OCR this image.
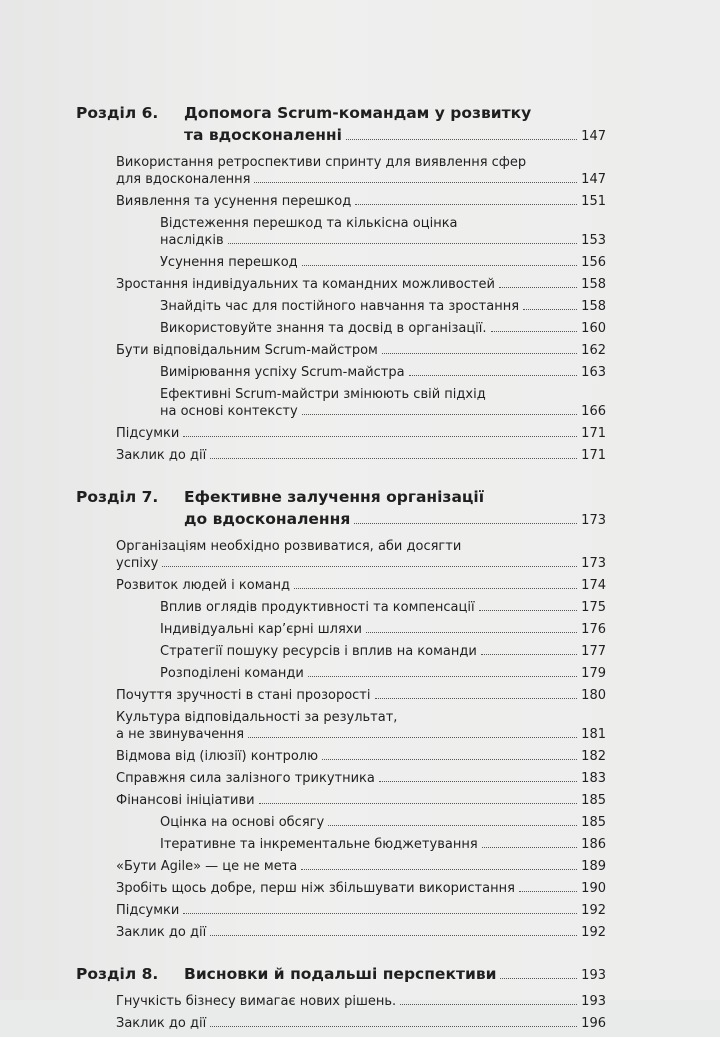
Розділ 6.	Допомога Scrum-командам у розвитку
та вдосконаленні	147
Використання ретроспективи спринту для виявлення сфер
для вдосконалення	147
Виявлення та усунення перешкод	151
Відстеження перешкод та кількісна оцінка
наслідків	153
Усунення перешкод	156
Зростання індивідуальних та командних можливостей	158
Знайдіть час для постійного навчання та зростання	158
Використовуйте знання та досвід в організації.	160
Бути відповідальним Scrum-майстром	162
Вимірювання успіху Scrum-майстра	163
Ефективні Scrum-майстри змінюють свій підхід
на основі контексту	166
Підсумки	171
Заклик до дії	171
Розділ 7.	Ефективне залучення організації
до вдосконалення	173
Організаціям необхідно розвиватися, аби досягти
успіху	173
Розвиток людей і команд	174
Вплив оглядів продуктивності та компенсації	175
Індивідуальні кар’єрні шляхи	176
Стратегії пошуку ресурсів і вплив на команди	177
Розподілені команди	179
Почуття зручності в стані прозорості	180
Культура відповідальності за результат,
а не звинувачення	181
Відмова від (ілюзії) контролю	182
Справжня сила залізного трикутника	183
Фінансові ініціативи	185
Оцінка на основі обсягу	185
Ітеративне та інкрементальне бюджетування	186
«Бути Agile» — це не мета	189
Зробіть щось добре, перш ніж збільшувати використання	190
Підсумки	192
Заклик до дії	192
Розділ 8.	Висновки й подальші перспективи	193
Гнучкість бізнесу вимагає нових рішень.	193
Заклик до дії	196
